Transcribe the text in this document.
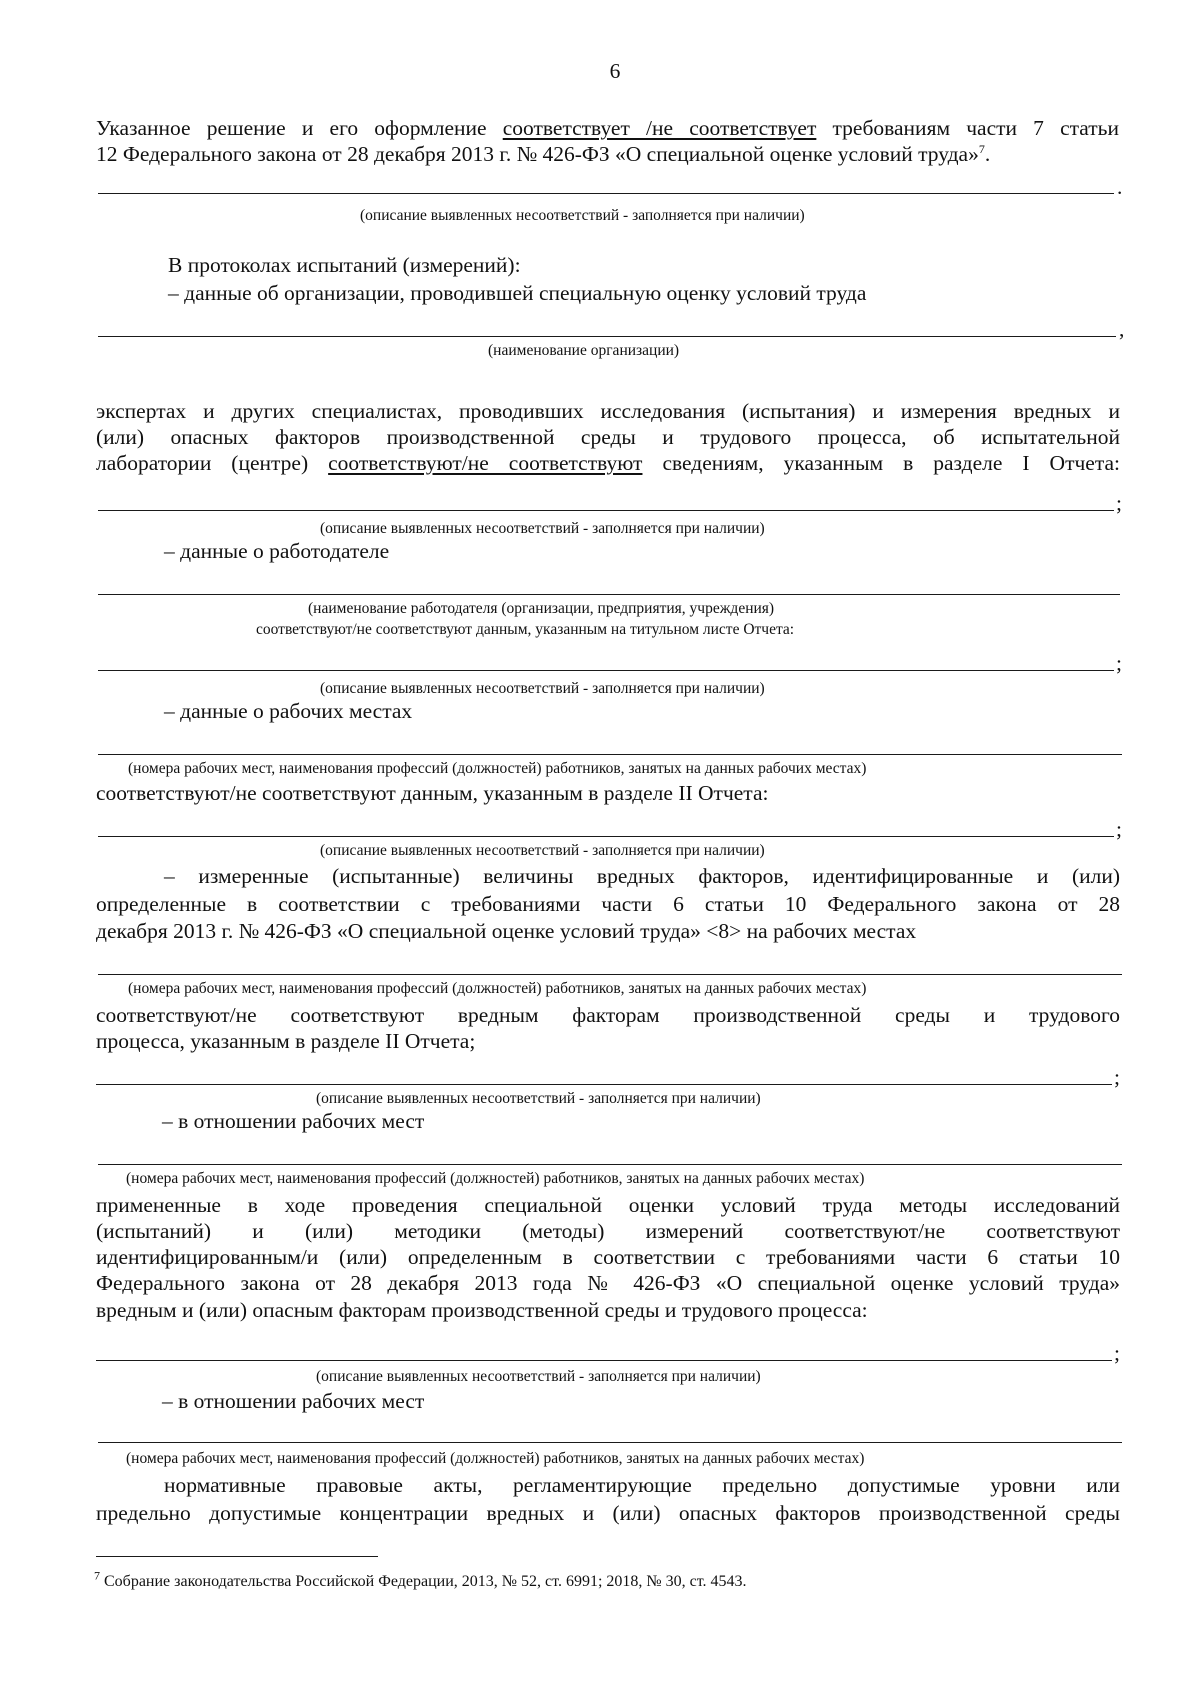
6
Указанное решение и его оформление соответствует /не соответствует требованиям части 7 статьи
12 Федерального закона от 28 декабря 2013 г. № 426-ФЗ «О специальной оценке условий труда»$^7$.
.
(описание выявленных несоответствий - заполняется при наличии)
В протоколах испытаний (измерений):
– данные об организации, проводившей специальную оценку условий труда
,
(наименование организации)
экспертах и других специалистах, проводивших исследования (испытания) и измерения вредных и
(или) опасных факторов производственной среды и трудового процесса, об испытательной
лаборатории (центре) соответствуют/не соответствуют сведениям, указанным в разделе I Отчета:
;
(описание выявленных несоответствий - заполняется при наличии)
– данные о работодателе
(наименование работодателя (организации, предприятия, учреждения)
соответствуют/не соответствуют данным, указанным на титульном листе Отчета:
;
(описание выявленных несоответствий - заполняется при наличии)
– данные о рабочих местах
(номера рабочих мест, наименования профессий (должностей) работников, занятых на данных рабочих местах)
соответствуют/не соответствуют данным, указанным в разделе II Отчета:
;
(описание выявленных несоответствий - заполняется при наличии)
– измеренные (испытанные) величины вредных факторов, идентифицированные и (или)
определенные в соответствии с требованиями части 6 статьи 10 Федерального закона от 28
декабря 2013 г. № 426-ФЗ «О специальной оценке условий труда» <8> на рабочих местах
(номера рабочих мест, наименования профессий (должностей) работников, занятых на данных рабочих местах)
соответствуют/не соответствуют вредным факторам производственной среды и трудового
процесса, указанным в разделе II Отчета;
;
(описание выявленных несоответствий - заполняется при наличии)
– в отношении рабочих мест
(номера рабочих мест, наименования профессий (должностей) работников, занятых на данных рабочих местах)
примененные в ходе проведения специальной оценки условий труда методы исследований
(испытаний) и (или) методики (методы) измерений соответствуют/не соответствуют
идентифицированным/и (или) определенным в соответствии с требованиями части 6 статьи 10
Федерального закона от 28 декабря 2013 года № 426-ФЗ «О специальной оценке условий труда»
вредным и (или) опасным факторам производственной среды и трудового процесса:
;
(описание выявленных несоответствий - заполняется при наличии)
– в отношении рабочих мест
(номера рабочих мест, наименования профессий (должностей) работников, занятых на данных рабочих местах)
нормативные правовые акты, регламентирующие предельно допустимые уровни или
предельно допустимые концентрации вредных и (или) опасных факторов производственной среды
$^7$ Собрание законодательства Российской Федерации, 2013, № 52, ст. 6991; 2018, № 30, ст. 4543.
